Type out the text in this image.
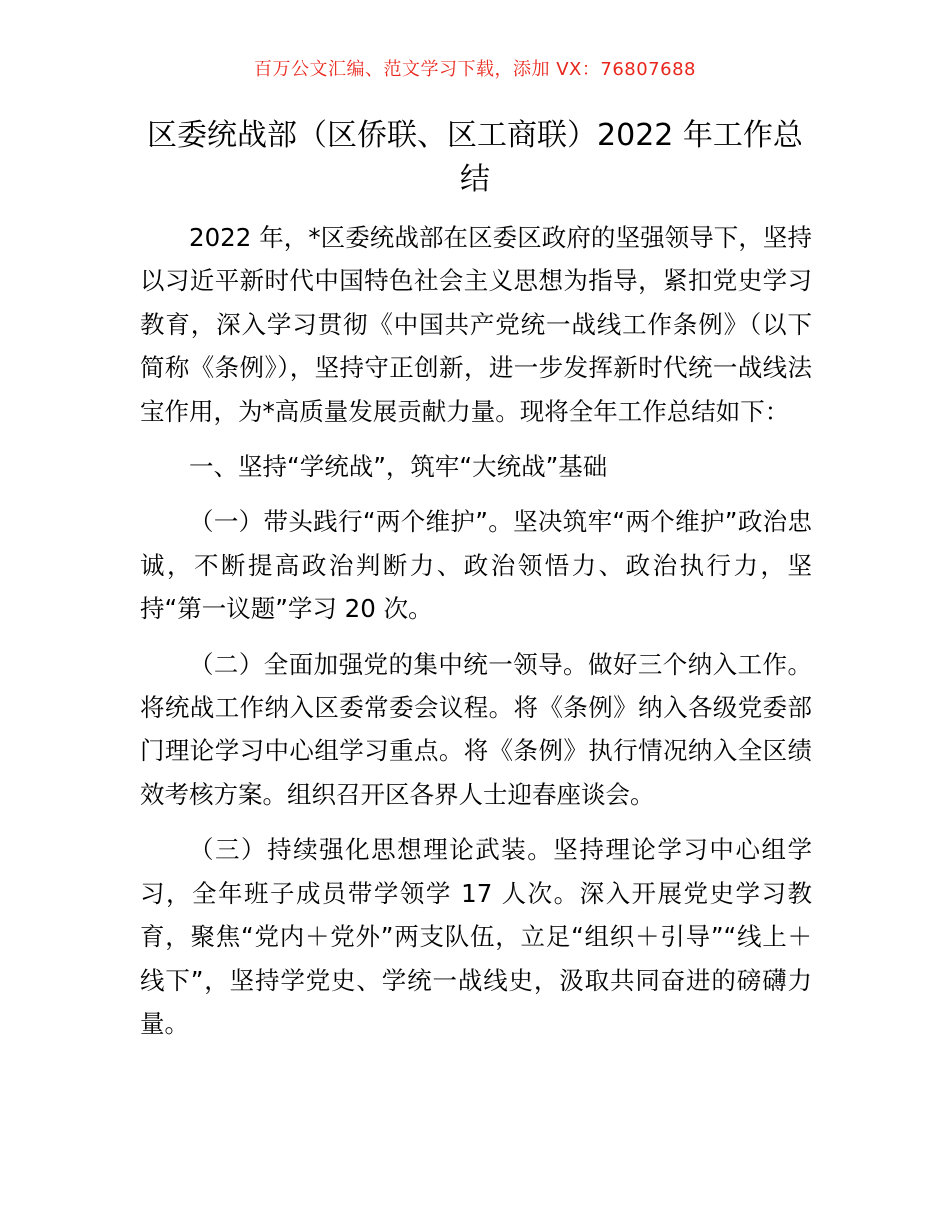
百万公文汇编、范文学习下载，添加 VX：76807688
区委统战部（区侨联、区工商联）2022 年工作总结

2022 年，*区委统战部在区委区政府的坚强领导下，坚持以习近平新时代中国特色社会主义思想为指导，紧扣党史学习教育，深入学习贯彻《中国共产党统一战线工作条例》（以下简称《条例》），坚持守正创新，进一步发挥新时代统一战线法宝作用，为*高质量发展贡献力量。现将全年工作总结如下：

一、坚持“学统战”，筑牢“大统战”基础

（一）带头践行“两个维护”。坚决筑牢“两个维护”政治忠诚，不断提高政治判断力、政治领悟力、政治执行力，坚持“第一议题”学习 20 次。

（二）全面加强党的集中统一领导。做好三个纳入工作。将统战工作纳入区委常委会议程。将《条例》纳入各级党委部门理论学习中心组学习重点。将《条例》执行情况纳入全区绩效考核方案。组织召开区各界人士迎春座谈会。

（三）持续强化思想理论武装。坚持理论学习中心组学习，全年班子成员带学领学 17 人次。深入开展党史学习教育，聚焦“党内＋党外”两支队伍，立足“组织＋引导”“线上＋线下”，坚持学党史、学统一战线史，汲取共同奋进的磅礴力量。
